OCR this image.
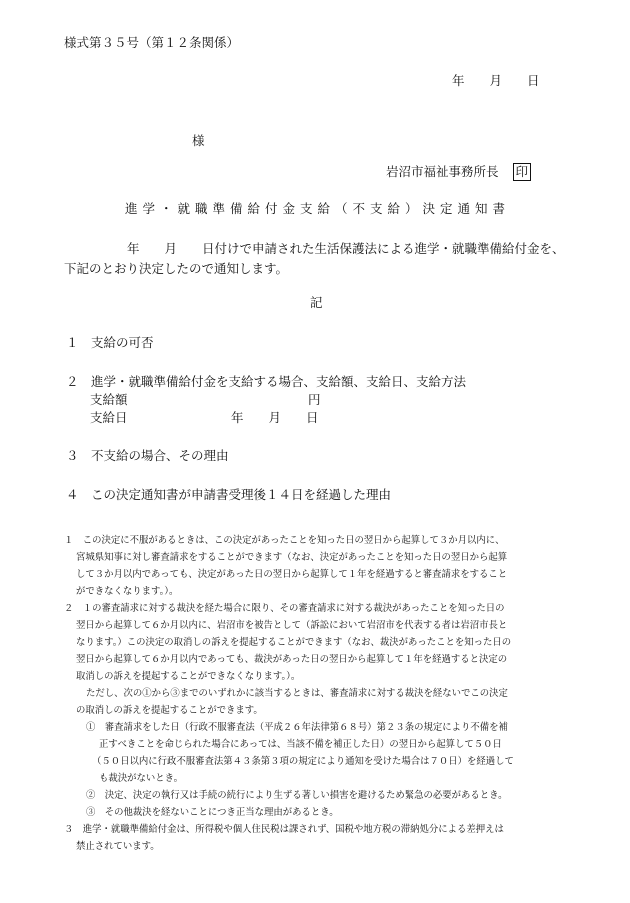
様式第３５号（第１２条関係）
年　　月　　日
様
岩沼市福祉事務所長 印
進学・就職準備給付金支給（不支給）決定通知書
年　　月　　日付けで申請された生活保護法による進学・就職準備給付金を、
下記のとおり決定したので通知します。
記
１　支給の可否
２　進学・就職準備給付金を支給する場合、支給額、支給日、支給方法
支給額	円
支給日	年　　月　　日
３　不支給の場合、その理由
４　この決定通知書が申請書受理後１４日を経過した理由
１　この決定に不服があるときは、この決定があったことを知った日の翌日から起算して３か月以内に、
宮城県知事に対し審査請求をすることができます（なお、決定があったことを知った日の翌日から起算
して３か月以内であっても、決定があった日の翌日から起算して１年を経過すると審査請求をすること
ができなくなります。）。
２　１の審査請求に対する裁決を経た場合に限り、その審査請求に対する裁決があったことを知った日の
翌日から起算して６か月以内に、岩沼市を被告として（訴訟において岩沼市を代表する者は岩沼市長と
なります。）この決定の取消しの訴えを提起することができます（なお、裁決があったことを知った日の
翌日から起算して６か月以内であっても、裁決があった日の翌日から起算して１年を経過すると決定の
取消しの訴えを提起することができなくなります。）。
ただし、次の①から③までのいずれかに該当するときは、審査請求に対する裁決を経ないでこの決定
の取消しの訴えを提起することができます。
①　審査請求をした日（行政不服審査法（平成２６年法律第６８号）第２３条の規定により不備を補
正すべきことを命じられた場合にあっては、当該不備を補正した日）の翌日から起算して５０日
（５０日以内に行政不服審査法第４３条第３項の規定により通知を受けた場合は７０日）を経過して
も裁決がないとき。
②　決定、決定の執行又は手続の続行により生ずる著しい損害を避けるため緊急の必要があるとき。
③　その他裁決を経ないことにつき正当な理由があるとき。
３　進学・就職準備給付金は、所得税や個人住民税は課されず、国税や地方税の滞納処分による差押えは
禁止されています。
